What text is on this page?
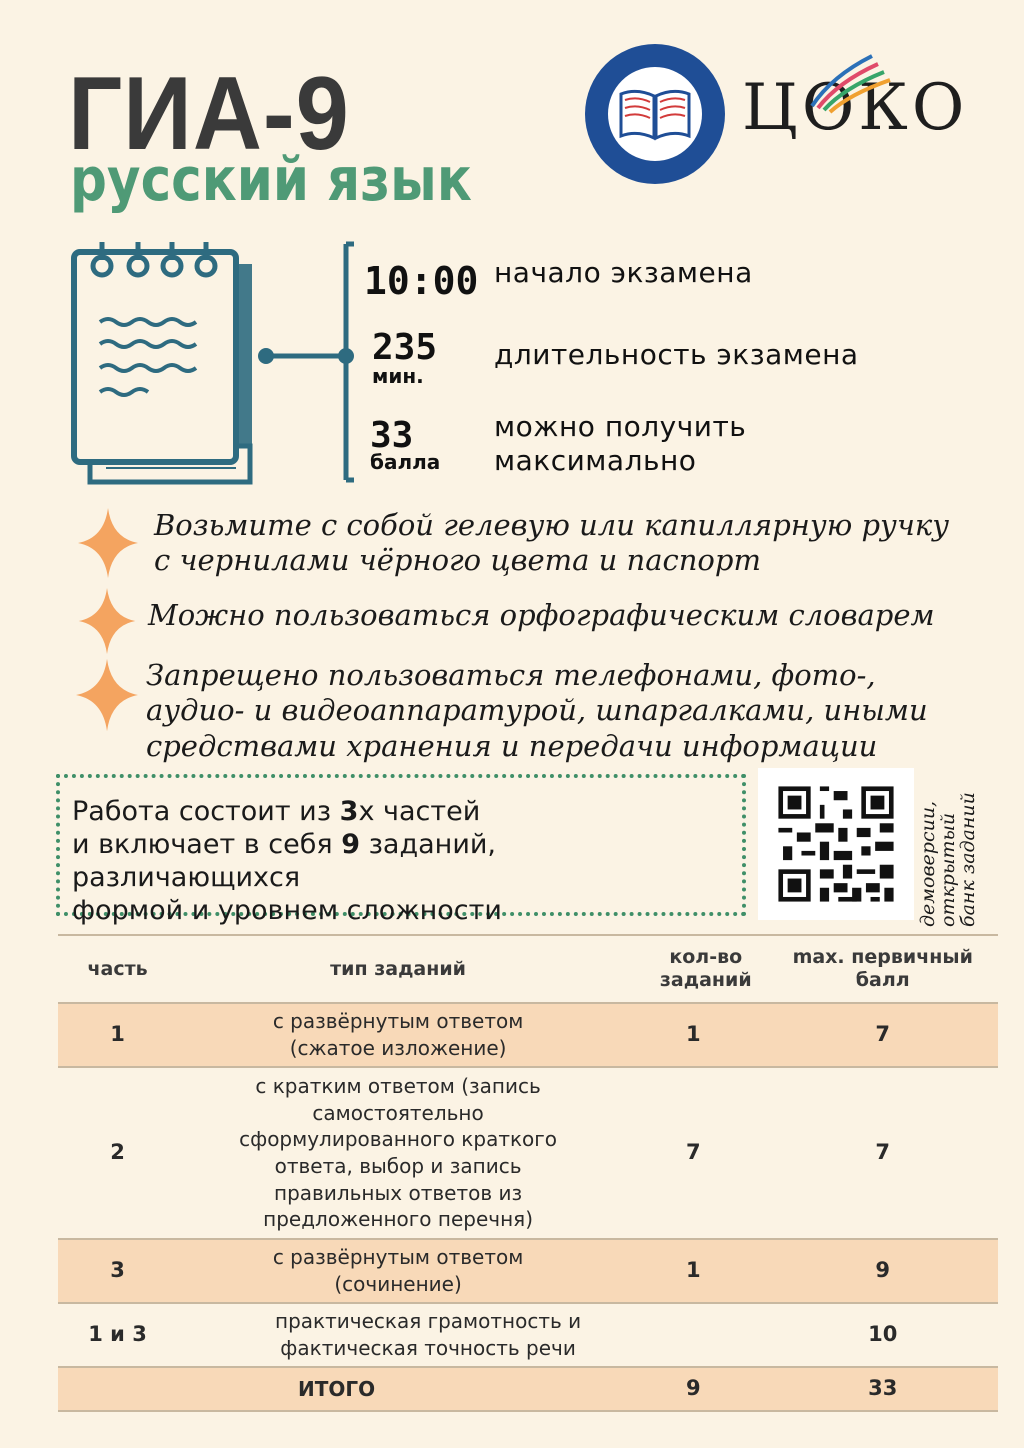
ГИА-9
русский язык
ЦОКО
10:00 начало экзамена
235
мин.
длительность экзамена
33
балла
можно получить максимально
Возьмите с собой гелевую или капиллярную ручку
с чернилами чёрного цвета и паспорт
Можно пользоваться орфографическим словарем
Запрещено пользоваться телефонами, фото-,
аудио- и видеоаппаратурой, шпаргалками, иными
средствами хранения и передачи информации
Работа состоит из 3х частей
и включает в себя 9 заданий, различающихся
формой и уровнем сложности	демоверсии,
открытый
банк заданий
часть	тип заданий	кол-во заданий	max. первичный балл

1	с развёрнутым ответом (сжатое изложение)	1	7
2	с кратким ответом (запись самостоятельно сформулированного краткого ответа, выбор и запись правильных ответов из предложенного перечня)	7	7
3	с развёрнутым ответом (сочинение)	1	9
1 и 3	практическая грамотность и фактическая точность речи		10
ИТОГО		9	33
